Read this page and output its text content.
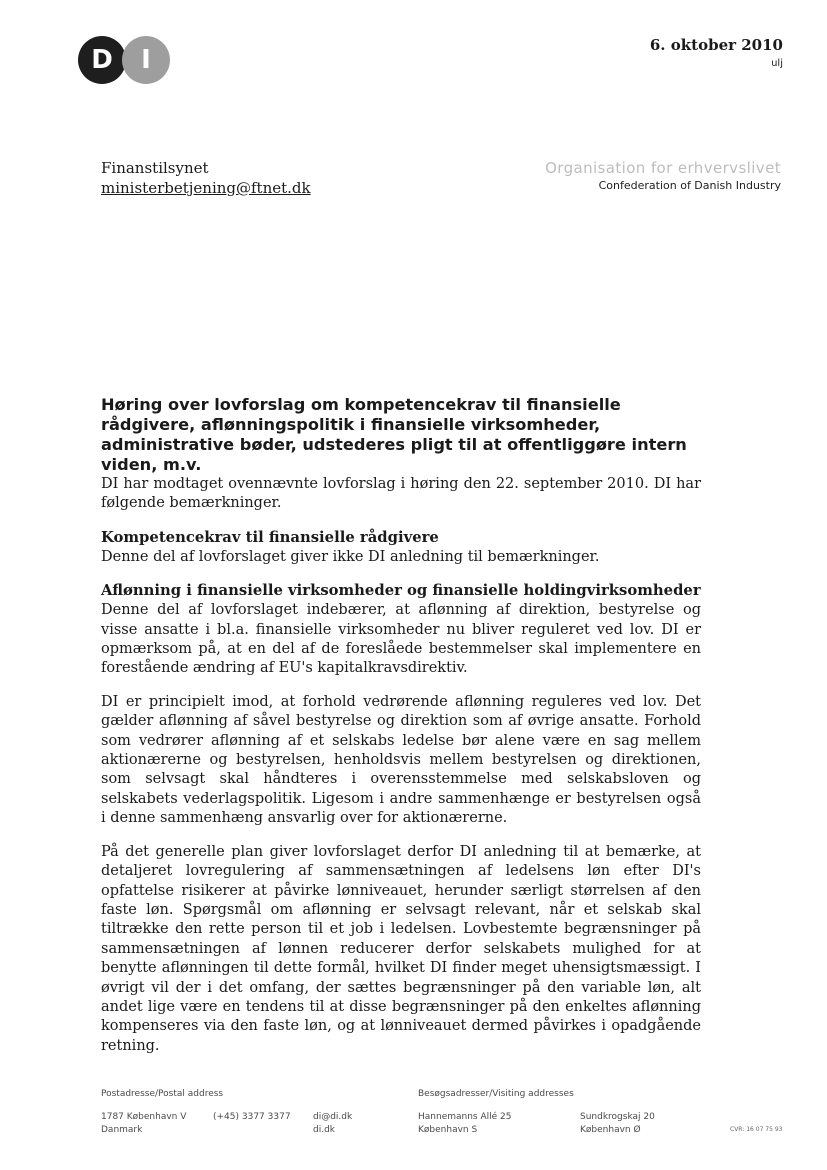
D I	6. oktober 2010
ulj
Finanstilsynet
ministerbetjening@ftnet.dk
Organisation for erhvervslivet
Confederation of Danish Industry
Høring over lovforslag om kompetencekrav til finansielle rådgivere, aflønningspolitik i finansielle virksomheder, administrative bøder, udstederes pligt til at offentliggøre intern viden, m.v.

DI har modtaget ovennævnte lovforslag i høring den 22. september 2010. DI har følgende bemærkninger.

Kompetencekrav til finansielle rådgivere

Denne del af lovforslaget giver ikke DI anledning til bemærkninger.

Aflønning i finansielle virksomheder og finansielle holdingvirksomheder

Denne del af lovforslaget indebærer, at aflønning af direktion, bestyrelse og visse ansatte i bl.a. finansielle virksomheder nu bliver reguleret ved lov. DI er opmærksom på, at en del af de foreslåede bestemmelser skal implementere en forestående ændring af EU's kapitalkravsdirektiv.

DI er principielt imod, at forhold vedrørende aflønning reguleres ved lov. Det gælder aflønning af såvel bestyrelse og direktion som af øvrige ansatte. Forhold som vedrører aflønning af et selskabs ledelse bør alene være en sag mellem aktionærerne og bestyrelsen, henholdsvis mellem bestyrelsen og direktionen, som selvsagt skal håndteres i overensstemmelse med selskabsloven og selskabets vederlagspolitik. Ligesom i andre sammenhænge er bestyrelsen også i denne sammenhæng ansvarlig over for aktionærerne.

På det generelle plan giver lovforslaget derfor DI anledning til at bemærke, at detaljeret lovregulering af sammensætningen af ledelsens løn efter DI's opfattelse risikerer at påvirke lønniveauet, herunder særligt størrelsen af den faste løn. Spørgsmål om aflønning er selvsagt relevant, når et selskab skal tiltrække den rette person til et job i ledelsen. Lovbestemte begrænsninger på sammensætningen af lønnen reducerer derfor selskabets mulighed for at benytte aflønningen til dette formål, hvilket DI finder meget uhensigtsmæssigt. I øvrigt vil der i det omfang, der sættes begrænsninger på den variable løn, alt andet lige være en tendens til at disse begrænsninger på den enkeltes aflønning kompenseres via den faste løn, og at lønniveauet dermed påvirkes i opadgående retning.

Postadresse/Postal address
1787 København V
Danmark
(+45) 3377 3377 di@di.dk
di.dk
Besøgsadresser/Visiting addresses
Hannemanns Allé 25
København S
Sundkrogskaj 20
København Ø	CVR: 16 07 75 93
